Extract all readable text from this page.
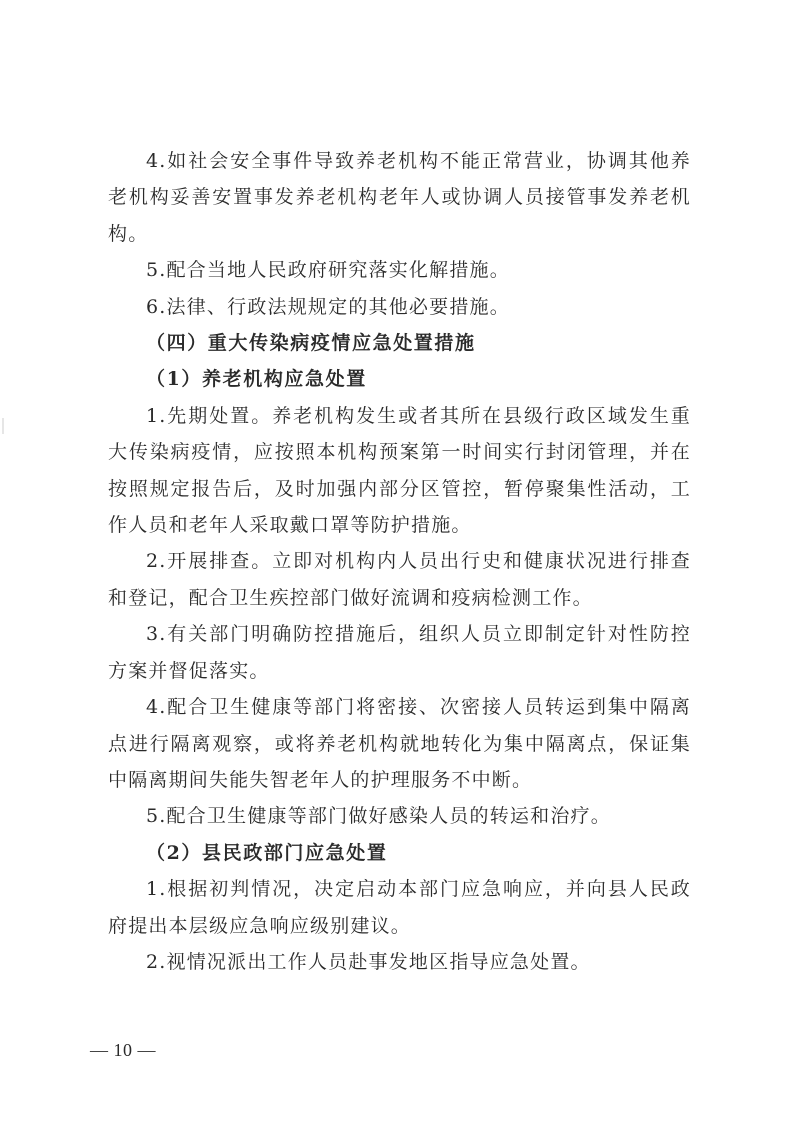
4.如社会安全事件导致养老机构不能正常营业，协调其他养老机构妥善安置事发养老机构老年人或协调人员接管事发养老机构。

5.配合当地人民政府研究落实化解措施。

6.法律、行政法规规定的其他必要措施。

（四）重大传染病疫情应急处置措施

（1）养老机构应急处置

1.先期处置。养老机构发生或者其所在县级行政区域发生重大传染病疫情，应按照本机构预案第一时间实行封闭管理，并在按照规定报告后，及时加强内部分区管控，暂停聚集性活动，工作人员和老年人采取戴口罩等防护措施。

2.开展排查。立即对机构内人员出行史和健康状况进行排查和登记，配合卫生疾控部门做好流调和疫病检测工作。

3.有关部门明确防控措施后，组织人员立即制定针对性防控方案并督促落实。

4.配合卫生健康等部门将密接、次密接人员转运到集中隔离点进行隔离观察，或将养老机构就地转化为集中隔离点，保证集中隔离期间失能失智老年人的护理服务不中断。

5.配合卫生健康等部门做好感染人员的转运和治疗。

（2）县民政部门应急处置

1.根据初判情况，决定启动本部门应急响应，并向县人民政府提出本层级应急响应级别建议。

2.视情况派出工作人员赴事发地区指导应急处置。

— 10 —
